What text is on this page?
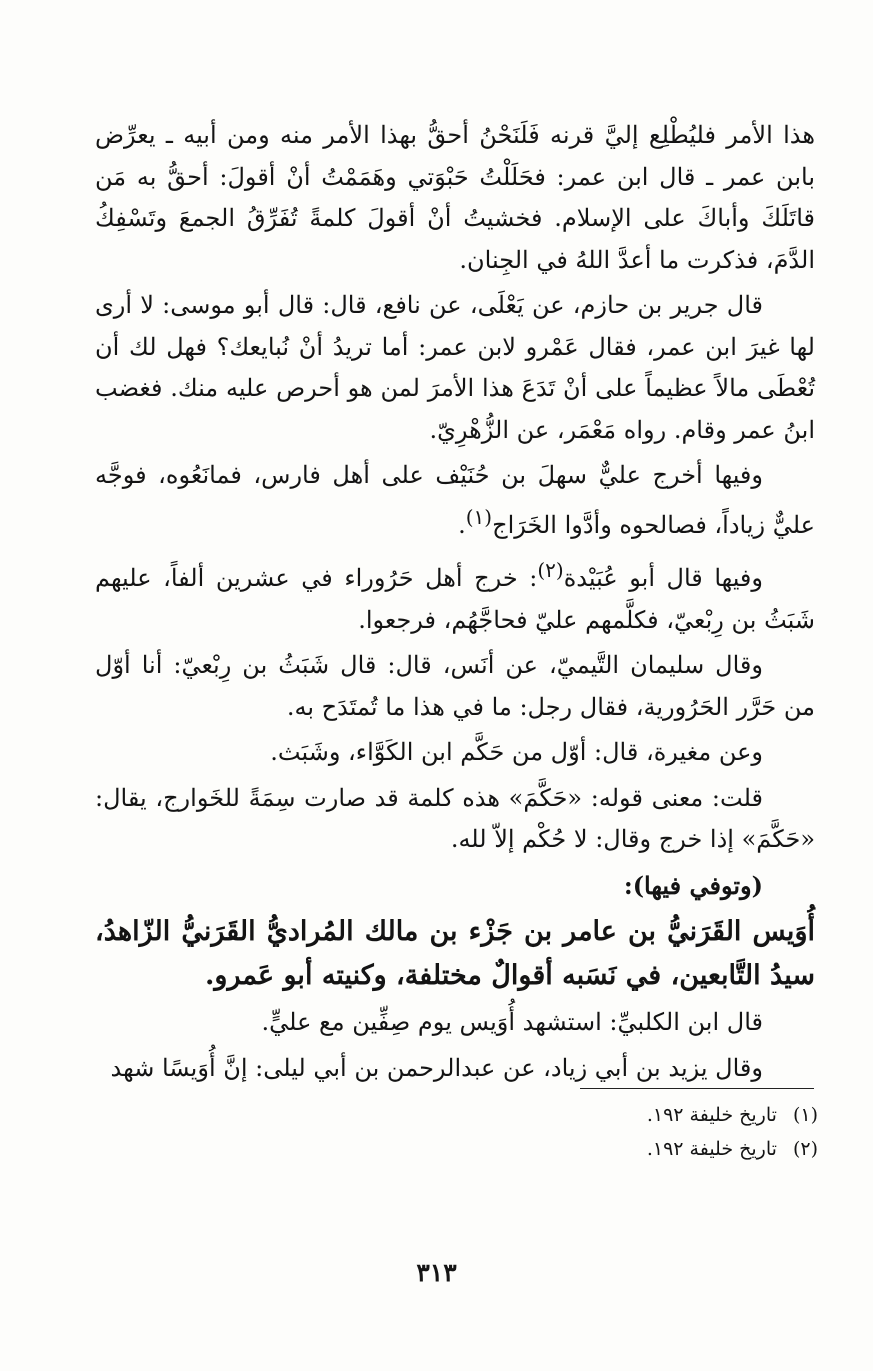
هذا الأمر فليُطْلِع إليَّ قرنه فَلَنَحْنُ أحقُّ بهذا الأمر منه ومن أبيه ـ يعرِّض بابن عمر ـ قال ابن عمر: فحَلَلْتُ حَبْوَتي وهَمَمْتُ أنْ أقولَ: أحقُّ به مَن قاتَلَكَ وأباكَ على الإسلام. فخشيتُ أنْ أقولَ كلمةً تُفَرِّقُ الجمعَ وتَسْفِكُ الدَّمَ، فذكرت ما أعدَّ اللهُ في الجِنان.

قال جرير بن حازم، عن يَعْلَى، عن نافع، قال: قال أبو موسى: لا أرى لها غيرَ ابن عمر، فقال عَمْرو لابن عمر: أما تريدُ أنْ نُبايعك؟ فهل لك أن تُعْطَى مالاً عظيماً على أنْ تَدَعَ هذا الأمرَ لمن هو أحرص عليه منك. فغضب ابنُ عمر وقام. رواه مَعْمَر، عن الزُّهْرِيّ.

وفيها أخرج عليٌّ سهلَ بن حُنَيْف على أهل فارس، فمانَعُوه، فوجَّه عليٌّ زياداً، فصالحوه وأدَّوا الخَرَاج$^{(١)}$.

وفيها قال أبو عُبَيْدة$^{(٢)}$: خرج أهل حَرُوراء في عشرين ألفاً، عليهم شَبَثُ بن رِبْعيّ، فكلَّمهم عليّ فحاجَّهُم، فرجعوا.

وقال سليمان التَّيميّ، عن أنَس، قال: قال شَبَثُ بن رِبْعيّ: أنا أوّل من حَرَّر الحَرُورية، فقال رجل: ما في هذا ما تُمتَدَح به.

وعن مغيرة، قال: أوّل من حَكَّم ابن الكَوَّاء، وشَبَث.

قلت: معنى قوله: «حَكَّمَ» هذه كلمة قد صارت سِمَةً للخَوارج، يقال: «حَكَّمَ» إذا خرج وقال: لا حُكْم إلاّ لله.

(وتوفي فيها):

أُوَيس القَرَنيُّ بن عامر بن جَزْء بن مالك المُراديُّ القَرَنيُّ الزّاهدُ، سيدُ التَّابعين، في نَسَبه أقوالٌ مختلفة، وكنيته أبو عَمرو.

قال ابن الكلبيِّ: استشهد أُوَيس يوم صِفِّين مع عليٍّ.

وقال يزيد بن أبي زياد، عن عبدالرحمن بن أبي ليلى: إنَّ أُوَيسًا شهد

(١)تاريخ خليفة ١٩٢.
(٢)تاريخ خليفة ١٩٢.
٣١٣
